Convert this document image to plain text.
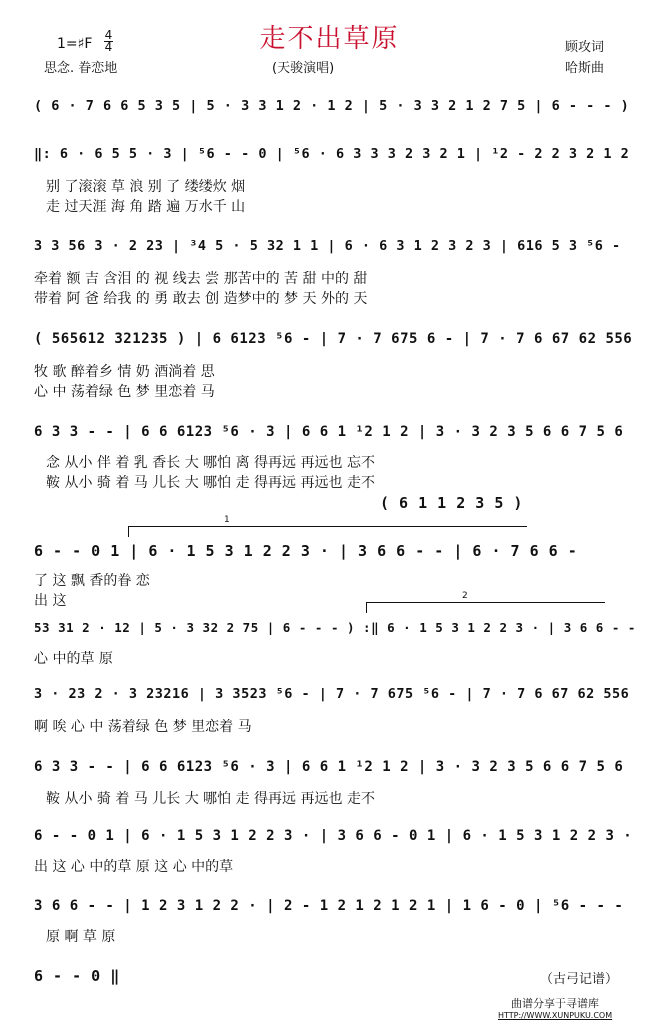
走不出草原
1=♯F
4
4
思念. 眷恋地	(天骏演唱)
顾攻词
哈斯曲
( 6 · 7 6 6 5 3 5 | 5 · 3 3 1 2 · 1 2 | 5 · 3 3 2 1 2 7 5 | 6 - - - )
‖: 6 · 6 5 5 · 3 | ⁵6 - - 0 | ⁵6 · 6 3 3 3 2 3 2 1 | ¹2 - 2 2 3 2 1 2
别 了滚滚 草 浪 别 了 缕缕炊 烟
走 过天涯 海 角 踏 遍 万水千 山
3 3 56 3 · 2 23 | ³4 5 · 5 32 1 1 | 6 · 6 3 1 2 3 2 3 | 616 5 3 ⁵6 -
牵着 额 吉 含泪 的 视 线去 尝 那苦中的 苦 甜 中的 甜
带着 阿 爸 给我 的 勇 敢去 创 造梦中的 梦 天 外的 天
( 565612 321235 ) | 6 6123 ⁵6 - | 7 · 7 675 6 - | 7 · 7 6 67 62 556
牧 歌 醉着乡 情 奶 酒淌着 思
心 中 荡着绿 色 梦 里恋着 马
6 3 3 - - | 6 6 6123 ⁵6 · 3 | 6 6 1 ¹2 1 2 | 3 · 3 2 3 5 6 6 7 5 6
念 从小 伴 着 乳 香长 大 哪怕 离 得再远 再远也 忘不
鞍 从小 骑 着 马 儿长 大 哪怕 走 得再远 再远也 走不
( 6 1 1 2 3 5 )
1
6 - - 0 1 | 6 · 1 5 3 1 2 2 3 · | 3 6 6 - - | 6 · 7 6 6 -
了 这 飘 香的眷 恋
出 这	2
53 31 2 · 12 | 5 · 3 32 2 75 | 6 - - - ) :‖ 6 · 1 5 3 1 2 2 3 · | 3 6 6 - -
心 中的草 原
3 · 23 2 · 3 23216 | 3 3523 ⁵6 - | 7 · 7 675 ⁵6 - | 7 · 7 6 67 62 556
啊 唉 心 中 荡着绿 色 梦 里恋着 马
6 3 3 - - | 6 6 6123 ⁵6 · 3 | 6 6 1 ¹2 1 2 | 3 · 3 2 3 5 6 6 7 5 6
鞍 从小 骑 着 马 儿长 大 哪怕 走 得再远 再远也 走不
6 - - 0 1 | 6 · 1 5 3 1 2 2 3 · | 3 6 6 - 0 1 | 6 · 1 5 3 1 2 2 3 ·
出 这 心 中的草 原 这 心 中的草
3 6 6 - - | 1 2 3 1 2 2 · | 2 - 1 2 1 2 1 2 1 | 1 6 - 0 | ⁵6 - - -
原 啊 草 原
6 - - 0 ‖	（古弓记谱）
曲谱分享于寻谱库
HTTP://WWW.XUNPUKU.COM
